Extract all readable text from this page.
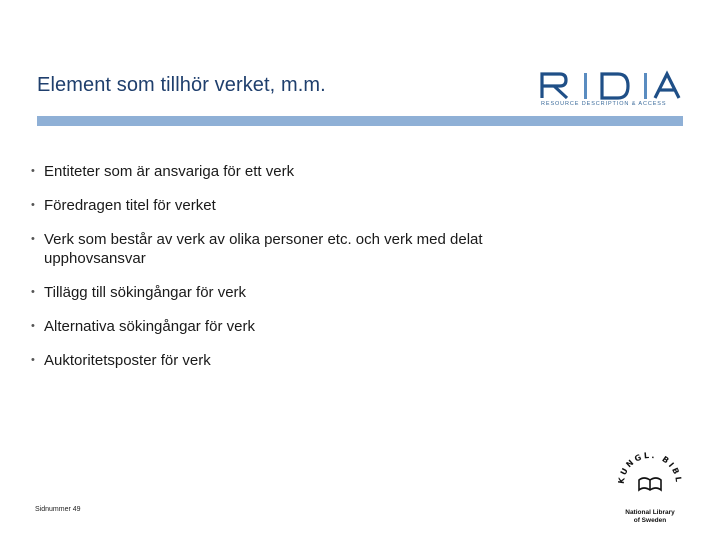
Element som tillhör verket, m.m.
RESOURCE DESCRIPTION & ACCESS
• Entiteter som är ansvariga för ett verk
• Föredragen titel för verket
• Verk som består av verk av olika personer etc. och verk med delat upphovsansvar
• Tillägg till sökingångar för verk
• Alternativa sökingångar för verk
• Auktoritetsposter för verk
Sidnummer 49
KUNGL. BIBL
National Library
of Sweden
